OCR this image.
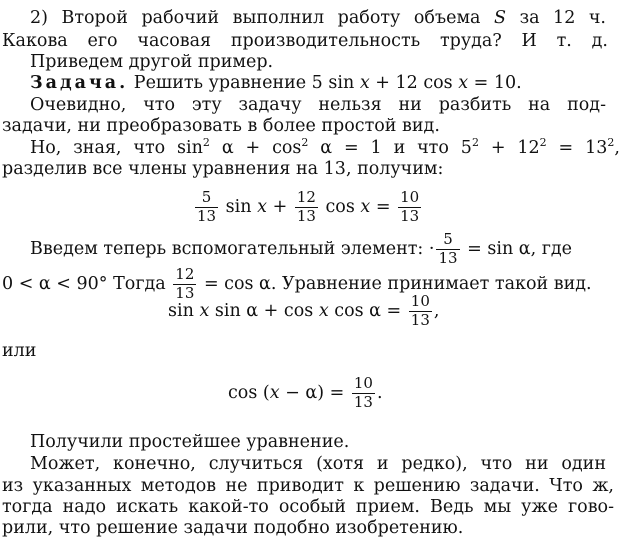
2) Второй рабочий выполнил работу объема S за 12 ч.
Какова его часовая производительность труда? И т. д.
Приведем другой пример.
Задача. Решить уравнение 5 sin x + 12 cos x = 10.
Очевидно, что эту задачу нельзя ни разбить на под-
задачи, ни преобразовать в более простой вид.
Но, зная, что $\sin^2 \alpha + \cos^2 \alpha = 1$ и что $5^2 + 12^2 = 13^2$,
разделив все члены уравнения на 13, получим:
$\frac{5}{13}$ $\sin x + \frac{12}{13}$ $\cos x = \frac{10}{13}$
Введем теперь вспомогательный элемент: · $\frac{5}{13} = \sin \alpha$, где
0 < α < 90° Тогда $\frac{12}{13} = \cos \alpha$. Уравнение принимает такой вид.
sin x sin α + cos x $\cos \alpha = \frac{10}{13}$ ,
или
$\cos (x - \alpha) = \frac{10}{13}$ .
Получили простейшее уравнение.
Может, конечно, случиться (хотя и редко), что ни один
из указанных методов не приводит к решению задачи. Что ж,
тогда надо искать какой-то особый прием. Ведь мы уже гово-
рили, что решение задачи подобно изобретению.
